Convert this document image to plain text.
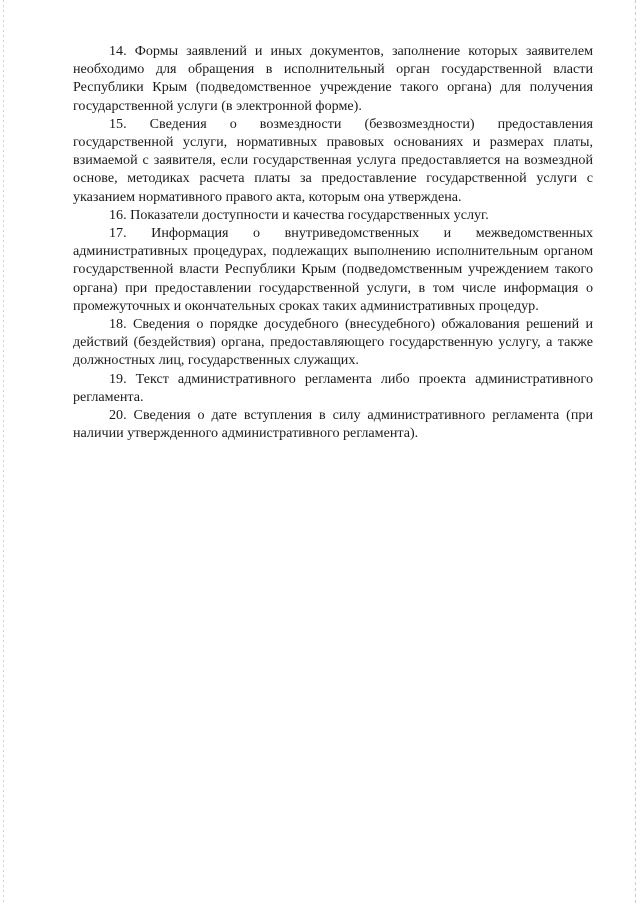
14. Формы заявлений и иных документов, заполнение которых заявителем необходимо для обращения в исполнительный орган государственной власти Республики Крым (подведомственное учреждение такого органа) для получения государственной услуги (в электронной форме).

15. Сведения о возмездности (безвозмездности) предоставления государственной услуги, нормативных правовых основаниях и размерах платы, взимаемой с заявителя, если государственная услуга предоставляется на возмездной основе, методиках расчета платы за предоставление государственной услуги с указанием нормативного правого акта, которым она утверждена.

16. Показатели доступности и качества государственных услуг.

17. Информация о внутриведомственных и межведомственных административных процедурах, подлежащих выполнению исполнительным органом государственной власти Республики Крым (подведомственным учреждением такого органа) при предоставлении государственной услуги, в том числе информация о промежуточных и окончательных сроках таких административных процедур.

18. Сведения о порядке досудебного (внесудебного) обжалования решений и действий (бездействия) органа, предоставляющего государственную услугу, а также должностных лиц, государственных служащих.

19. Текст административного регламента либо проекта административного регламента.

20. Сведения о дате вступления в силу административного регламента (при наличии утвержденного административного регламента).
